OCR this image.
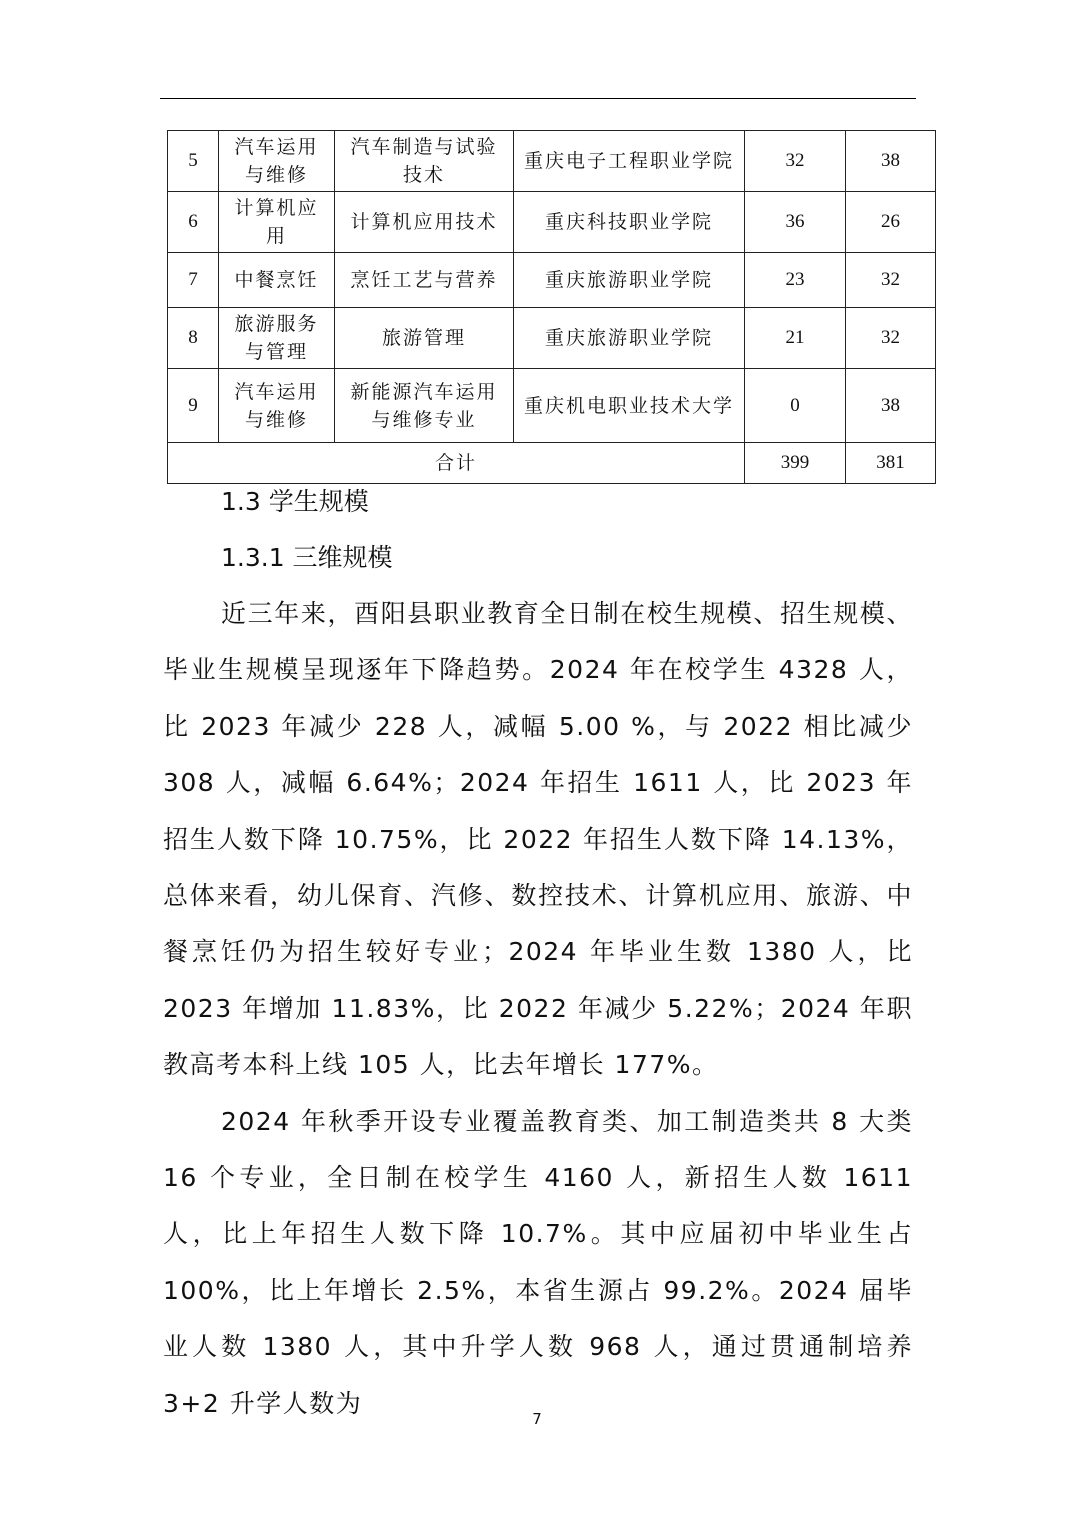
5	汽车运用与维修	汽车制造与试验技术	重庆电子工程职业学院	32	38
6	计算机应用	计算机应用技术	重庆科技职业学院	36	26
7	中餐烹饪	烹饪工艺与营养	重庆旅游职业学院	23	32
8	旅游服务与管理	旅游管理	重庆旅游职业学院	21	32
9	汽车运用与维修	新能源汽车运用与维修专业	重庆机电职业技术大学	0	38
合计				399	381
1.3 学生规模
1.3.1 三维规模

近三年来，酉阳县职业教育全日制在校生规模、招生规模、毕业生规模呈现逐年下降趋势。2024 年在校学生 4328 人，比 2023 年减少 228 人，减幅 5.00 %，与 2022 相比减少 308 人，减幅 6.64%；2024 年招生 1611 人，比 2023 年招生人数下降 10.75%，比 2022 年招生人数下降 14.13%，总体来看，幼儿保育、汽修、数控技术、计算机应用、旅游、中餐烹饪仍为招生较好专业；2024 年毕业生数 1380 人，比 2023 年增加 11.83%，比 2022 年减少 5.22%；2024 年职教高考本科上线 105 人，比去年增长 177%。

2024 年秋季开设专业覆盖教育类、加工制造类共 8 大类 16 个专业，全日制在校学生 4160 人，新招生人数 1611 人，比上年招生人数下降 10.7%。其中应届初中毕业生占 100%，比上年增长 2.5%，本省生源占 99.2%。2024 届毕业人数 1380 人，其中升学人数 968 人，通过贯通制培养 3+2 升学人数为

7
